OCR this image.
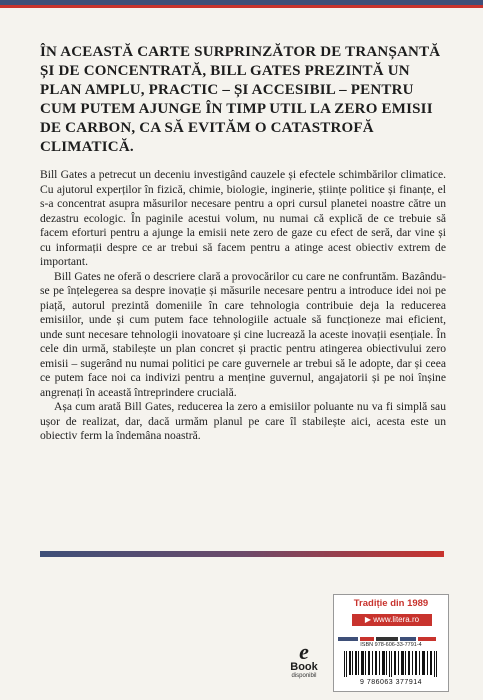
ÎN ACEASTĂ CARTE SURPRINZĂTOR DE TRANȘANTĂ ȘI DE CONCENTRATĂ, BILL GATES PREZINTĂ UN PLAN AMPLU, PRACTIC – ȘI ACCESIBIL – PENTRU CUM PUTEM AJUNGE ÎN TIMP UTIL LA ZERO EMISII DE CARBON, CA SĂ EVITĂM O CATASTROFĂ CLIMATICĂ.

Bill Gates a petrecut un deceniu investigând cauzele și efectele schimbărilor climatice. Cu ajutorul experților în fizică, chimie, biologie, inginerie, științe politice și finanțe, el s-a concentrat asupra măsurilor necesare pentru a opri cursul planetei noastre către un dezastru ecologic. În paginile acestui volum, nu numai că explică de ce trebuie să facem eforturi pentru a ajunge la emisii nete zero de gaze cu efect de seră, dar vine și cu informații despre ce ar trebui să facem pentru a atinge acest obiectiv extrem de important.

Bill Gates ne oferă o descriere clară a provocărilor cu care ne confruntăm. Bazându-se pe înțelegerea sa despre inovație și măsurile necesare pentru a introduce idei noi pe piață, autorul prezintă domeniile în care tehnologia contribuie deja la reducerea emisiilor, unde și cum putem face tehnologiile actuale să funcționeze mai eficient, unde sunt necesare tehnologii inovatoare și cine lucrează la aceste inovații esențiale. În cele din urmă, stabilește un plan concret și practic pentru atingerea obiectivului zero emisii – sugerând nu numai politici pe care guvernele ar trebui să le adopte, dar și ceea ce putem face noi ca indivizi pentru a menține guvernul, angajatorii și pe noi înșine angrenați în această întreprindere crucială.

Așa cum arată Bill Gates, reducerea la zero a emisiilor poluante nu va fi simplă sau ușor de realizat, dar, dacă urmăm planul pe care îl stabilește aici, acesta este un obiectiv ferm la îndemâna noastră.

e
Book
disponibil
Tradiție din 1989
▶ www.litera.ro
ISBN 978-606-33-7791-4
9 786063 377914
